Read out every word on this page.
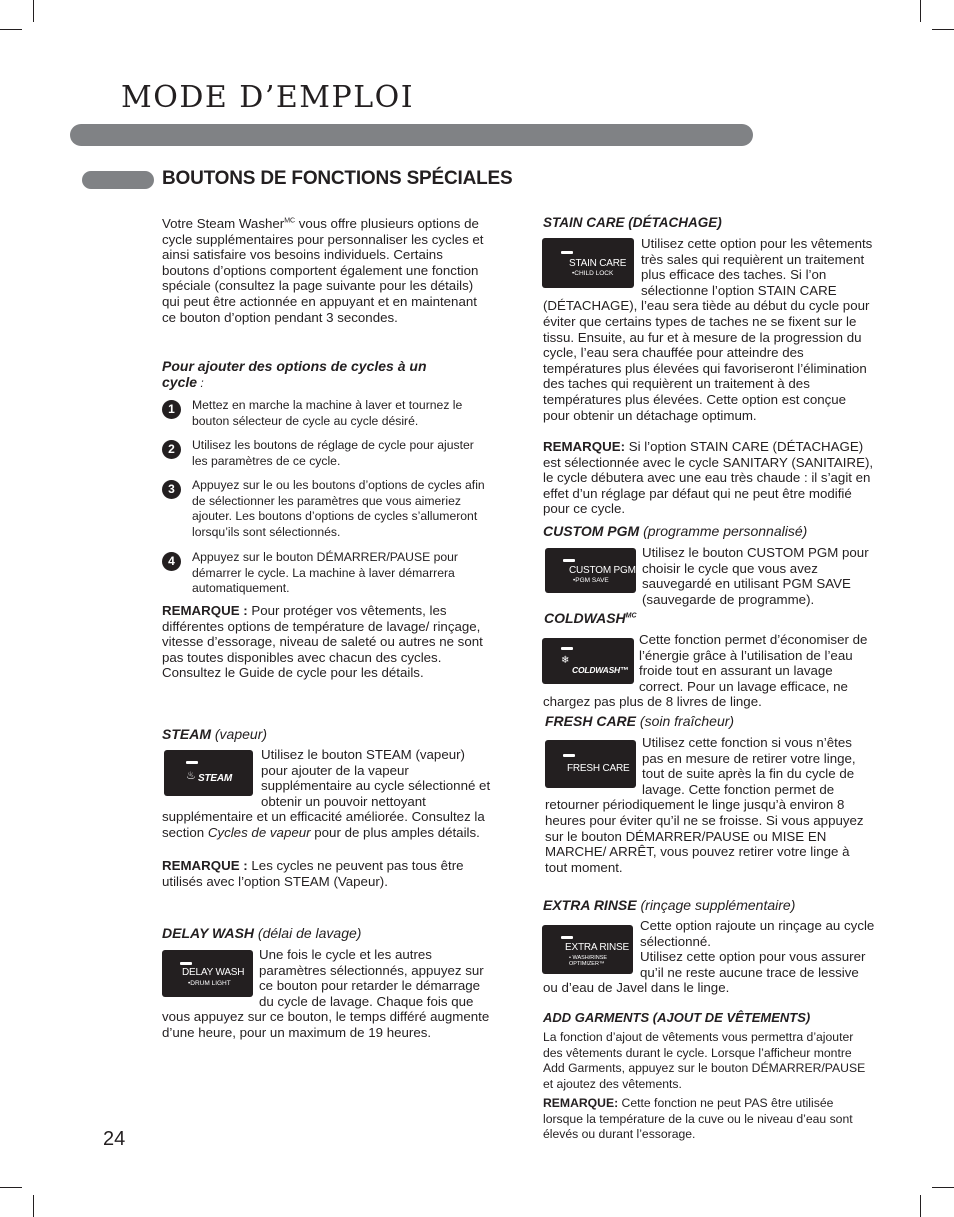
MODE D’EMPLOI
BOUTONS DE FONCTIONS SPÉCIALES
Votre Steam Washer$^{MC}$ vous offre plusieurs options de cycle supplémentaires pour personnaliser les cycles et ainsi satisfaire vos besoins individuels. Certains boutons d’options comportent également une fonction spéciale (consultez la page suivante pour les détails) qui peut être actionnée en appuyant et en maintenant ce bouton d’option pendant 3 secondes.
Pour ajouter des options de cycles à un cycle :
1	Mettez en marche la machine à laver et tournez le bouton sélecteur de cycle au cycle désiré.
2	Utilisez les boutons de réglage de cycle pour ajuster les paramètres de ce cycle.
3	Appuyez sur le ou les boutons d’options de cycles afin de sélectionner les paramètres que vous aimeriez ajouter. Les boutons d’options de cycles s’allumeront lorsqu’ils sont sélectionnés.
4	Appuyez sur le bouton DÉMARRER/PAUSE pour démarrer le cycle. La machine à laver démarrera automatiquement.
REMARQUE : Pour protéger vos vêtements, les différentes options de température de lavage/ rinçage, vitesse d’essorage, niveau de saleté ou autres ne sont pas toutes disponibles avec chacun des cycles. Consultez le Guide de cycle pour les détails.
STEAM (vapeur)
♨ STEAM
Utilisez le bouton STEAM (vapeur) pour ajouter de la vapeur supplémentaire au cycle sélectionné et obtenir un pouvoir nettoyant supplémentaire et un efficacité améliorée. Consultez la section Cycles de vapeur pour de plus amples détails.
REMARQUE : Les cycles ne peuvent pas tous être utilisés avec l’option STEAM (Vapeur).
DELAY WASH (délai de lavage)
DELAY WASH
•DRUM LIGHT
Une fois le cycle et les autres paramètres sélectionnés, appuyez sur ce bouton pour retarder le démarrage du cycle de lavage. Chaque fois que vous appuyez sur ce bouton, le temps différé augmente d’une heure, pour un maximum de 19 heures.
STAIN CARE (DÉTACHAGE)
STAIN CARE
•CHILD LOCK
Utilisez cette option pour les vêtements très sales qui requièrent un traitement plus efficace des taches. Si l’on sélectionne l’option STAIN CARE (DÉTACHAGE), l’eau sera tiède au début du cycle pour éviter que certains types de taches ne se fixent sur le tissu. Ensuite, au fur et à mesure de la progression du cycle, l’eau sera chauffée pour atteindre des températures plus élevées qui favoriseront l’élimination des taches qui requièrent un traitement à des températures plus élevées. Cette option est conçue pour obtenir un détachage optimum.
REMARQUE: Si l’option STAIN CARE (DÉTACHAGE) est sélectionnée avec le cycle SANITARY (SANITAIRE), le cycle débutera avec une eau très chaude : il s’agit en effet d’un réglage par défaut qui ne peut être modifié pour ce cycle.
CUSTOM PGM (programme personnalisé)
CUSTOM PGM
•PGM SAVE
Utilisez le bouton CUSTOM PGM pour choisir le cycle que vous avez sauvegardé en utilisant PGM SAVE (sauvegarde de programme).
$COLDWASH^{MC}$
❄
COLDWASH™
Cette fonction permet d’économiser de l’énergie grâce à l’utilisation de l’eau froide tout en assurant un lavage correct. Pour un lavage efficace, ne chargez pas plus de 8 livres de linge.
FRESH CARE (soin fraîcheur)
FRESH CARE
Utilisez cette fonction si vous n’êtes pas en mesure de retirer votre linge, tout de suite après la fin du cycle de lavage. Cette fonction permet de retourner périodiquement le linge jusqu’à environ 8 heures pour éviter qu’il ne se froisse. Si vous appuyez sur le bouton DÉMARRER/PAUSE ou MISE EN MARCHE/ ARRÊT, vous pouvez retirer votre linge à tout moment.
EXTRA RINSE (rinçage supplémentaire)
EXTRA RINSE
• WASH/RINSE OPTIMIZER™
Cette option rajoute un rinçage au cycle sélectionné.
Utilisez cette option pour vous assurer qu’il ne reste aucune trace de lessive ou d’eau de Javel dans le linge.
ADD GARMENTS (AJOUT DE VÊTEMENTS)
La fonction d’ajout de vêtements vous permettra d’ajouter des vêtements durant le cycle. Lorsque l’afficheur montre Add Garments, appuyez sur le bouton DÉMARRER/PAUSE et ajoutez des vêtements.
REMARQUE: Cette fonction ne peut PAS être utilisée lorsque la température de la cuve ou le niveau d’eau sont élevés ou durant l’essorage.
24
